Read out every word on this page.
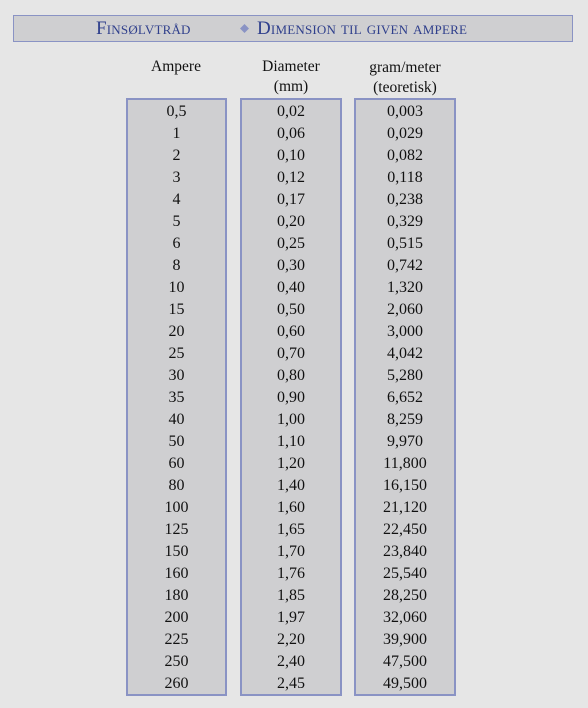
Finsølvtråd	Dimension til given ampere
Ampere	Diameter
(mm)
gram/meter
(teoretisk)
0,5
1
2
3
4
5
6
8
10
15
20
25
30
35
40
50
60
80
100
125
150
160
180
200
225
250
260
0,02
0,06
0,10
0,12
0,17
0,20
0,25
0,30
0,40
0,50
0,60
0,70
0,80
0,90
1,00
1,10
1,20
1,40
1,60
1,65
1,70
1,76
1,85
1,97
2,20
2,40
2,45
0,003
0,029
0,082
0,118
0,238
0,329
0,515
0,742
1,320
2,060
3,000
4,042
5,280
6,652
8,259
9,970
11,800
16,150
21,120
22,450
23,840
25,540
28,250
32,060
39,900
47,500
49,500
